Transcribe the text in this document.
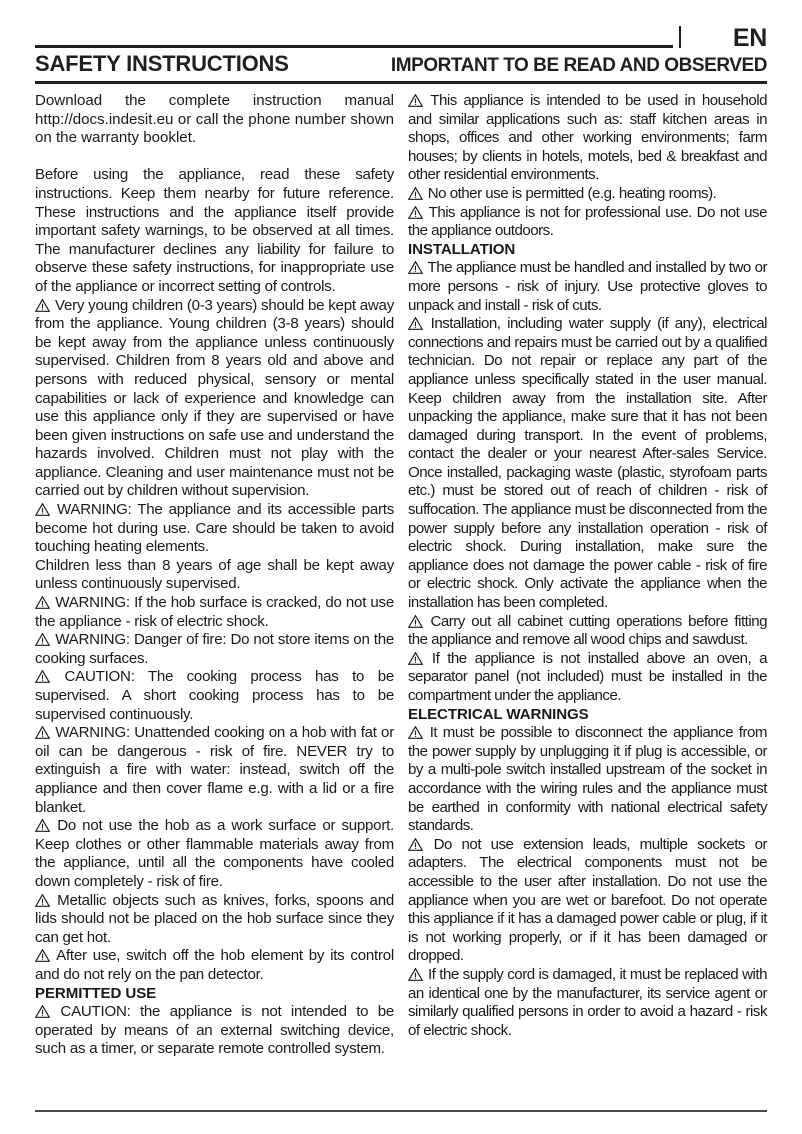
EN
SAFETY INSTRUCTIONS	IMPORTANT TO BE READ AND OBSERVED

Download the complete instruction manual http://docs.indesit.eu or call the phone number shown on the warranty booklet.

Before using the appliance, read these safety instructions. Keep them nearby for future reference. These instructions and the appliance itself provide important safety warnings, to be observed at all times. The manufacturer declines any liability for failure to observe these safety instructions, for inappropriate use of the appliance or incorrect setting of controls.

Very young children (0-3 years) should be kept away from the appliance. Young children (3-8 years) should be kept away from the appliance unless continuously supervised. Children from 8 years old and above and persons with reduced physical, sensory or mental capabilities or lack of experience and knowledge can use this appliance only if they are supervised or have been given instructions on safe use and understand the hazards involved. Children must not play with the appliance. Cleaning and user maintenance must not be carried out by children without supervision.

WARNING: The appliance and its accessible parts become hot during use. Care should be taken to avoid touching heating elements.

Children less than 8 years of age shall be kept away unless continuously supervised.

WARNING: If the hob surface is cracked, do not use the appliance - risk of electric shock.

WARNING: Danger of fire: Do not store items on the cooking surfaces.

CAUTION: The cooking process has to be supervised. A short cooking process has to be supervised continuously.

WARNING: Unattended cooking on a hob with fat or oil can be dangerous - risk of fire. NEVER try to extinguish a fire with water: instead, switch off the appliance and then cover flame e.g. with a lid or a fire blanket.

Do not use the hob as a work surface or support. Keep clothes or other flammable materials away from the appliance, until all the components have cooled down completely - risk of fire.

Metallic objects such as knives, forks, spoons and lids should not be placed on the hob surface since they can get hot.

After use, switch off the hob element by its control and do not rely on the pan detector.

PERMITTED USE

CAUTION: the appliance is not intended to be operated by means of an external switching device, such as a timer, or separate remote controlled system.

This appliance is intended to be used in household and similar applications such as: staff kitchen areas in shops, offices and other working environments; farm houses; by clients in hotels, motels, bed & breakfast and other residential environments.

No other use is permitted (e.g. heating rooms).

This appliance is not for professional use. Do not use the appliance outdoors.

INSTALLATION

The appliance must be handled and installed by two or more persons - risk of injury. Use protective gloves to unpack and install - risk of cuts.

Installation, including water supply (if any), electrical connections and repairs must be carried out by a qualified technician. Do not repair or replace any part of the appliance unless specifically stated in the user manual. Keep children away from the installation site. After unpacking the appliance, make sure that it has not been damaged during transport. In the event of problems, contact the dealer or your nearest After-sales Service. Once installed, packaging waste (plastic, styrofoam parts etc.) must be stored out of reach of children - risk of suffocation. The appliance must be disconnected from the power supply before any installation operation - risk of electric shock. During installation, make sure the appliance does not damage the power cable - risk of fire or electric shock. Only activate the appliance when the installation has been completed.

Carry out all cabinet cutting operations before fitting the appliance and remove all wood chips and sawdust.

If the appliance is not installed above an oven, a separator panel (not included) must be installed in the compartment under the appliance.

ELECTRICAL WARNINGS

It must be possible to disconnect the appliance from the power supply by unplugging it if plug is accessible, or by a multi-pole switch installed upstream of the socket in accordance with the wiring rules and the appliance must be earthed in conformity with national electrical safety standards.

Do not use extension leads, multiple sockets or adapters. The electrical components must not be accessible to the user after installation. Do not use the appliance when you are wet or barefoot. Do not operate this appliance if it has a damaged power cable or plug, if it is not working properly, or if it has been damaged or dropped.

If the supply cord is damaged, it must be replaced with an identical one by the manufacturer, its service agent or similarly qualified persons in order to avoid a hazard - risk of electric shock.
